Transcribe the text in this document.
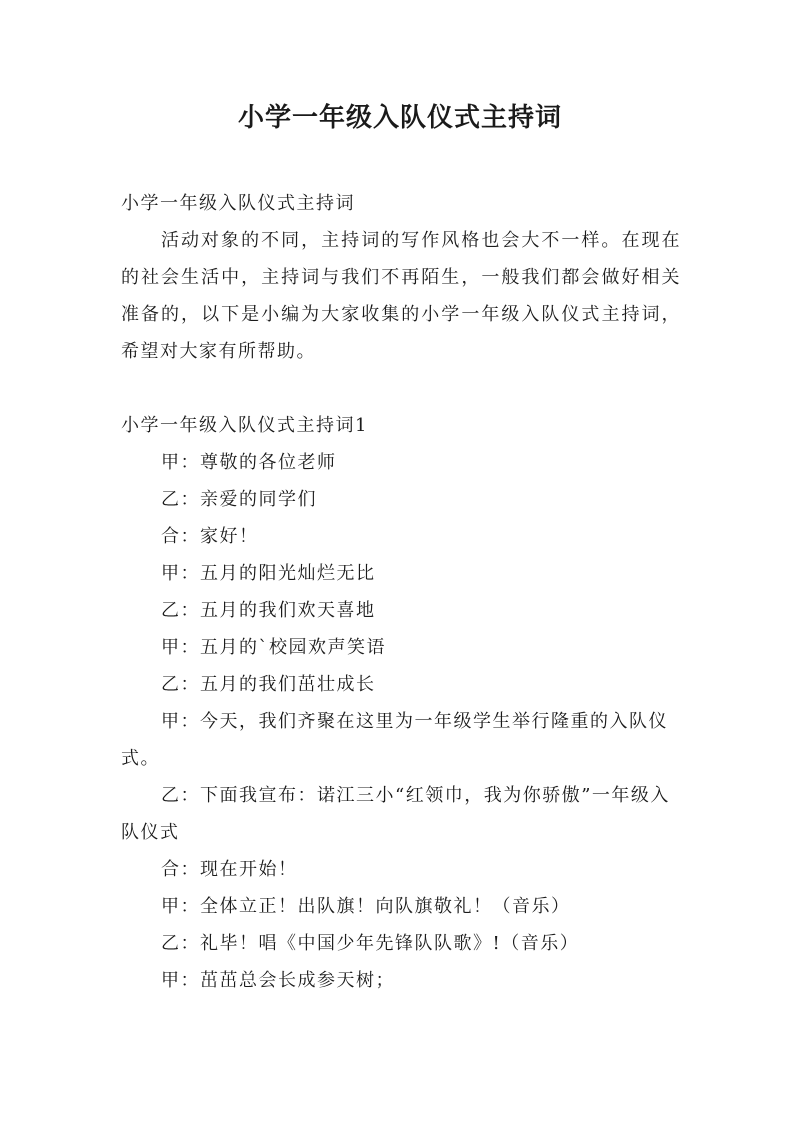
小学一年级入队仪式主持词

小学一年级入队仪式主持词

活动对象的不同，主持词的写作风格也会大不一样。在现在的社会生活中，主持词与我们不再陌生，一般我们都会做好相关准备的，以下是小编为大家收集的小学一年级入队仪式主持词，希望对大家有所帮助。

小学一年级入队仪式主持词1

甲：尊敬的各位老师

乙：亲爱的同学们

合：家好！

甲：五月的阳光灿烂无比

乙：五月的我们欢天喜地

甲：五月的`校园欢声笑语

乙：五月的我们茁壮成长

甲：今天，我们齐聚在这里为一年级学生举行隆重的入队仪式。

乙：下面我宣布：诺江三小“红领巾，我为你骄傲”一年级入队仪式

合：现在开始！

甲：全体立正！出队旗！向队旗敬礼！（音乐）

乙：礼毕！唱《中国少年先锋队队歌》!（音乐）

甲：茁茁总会长成参天树；
